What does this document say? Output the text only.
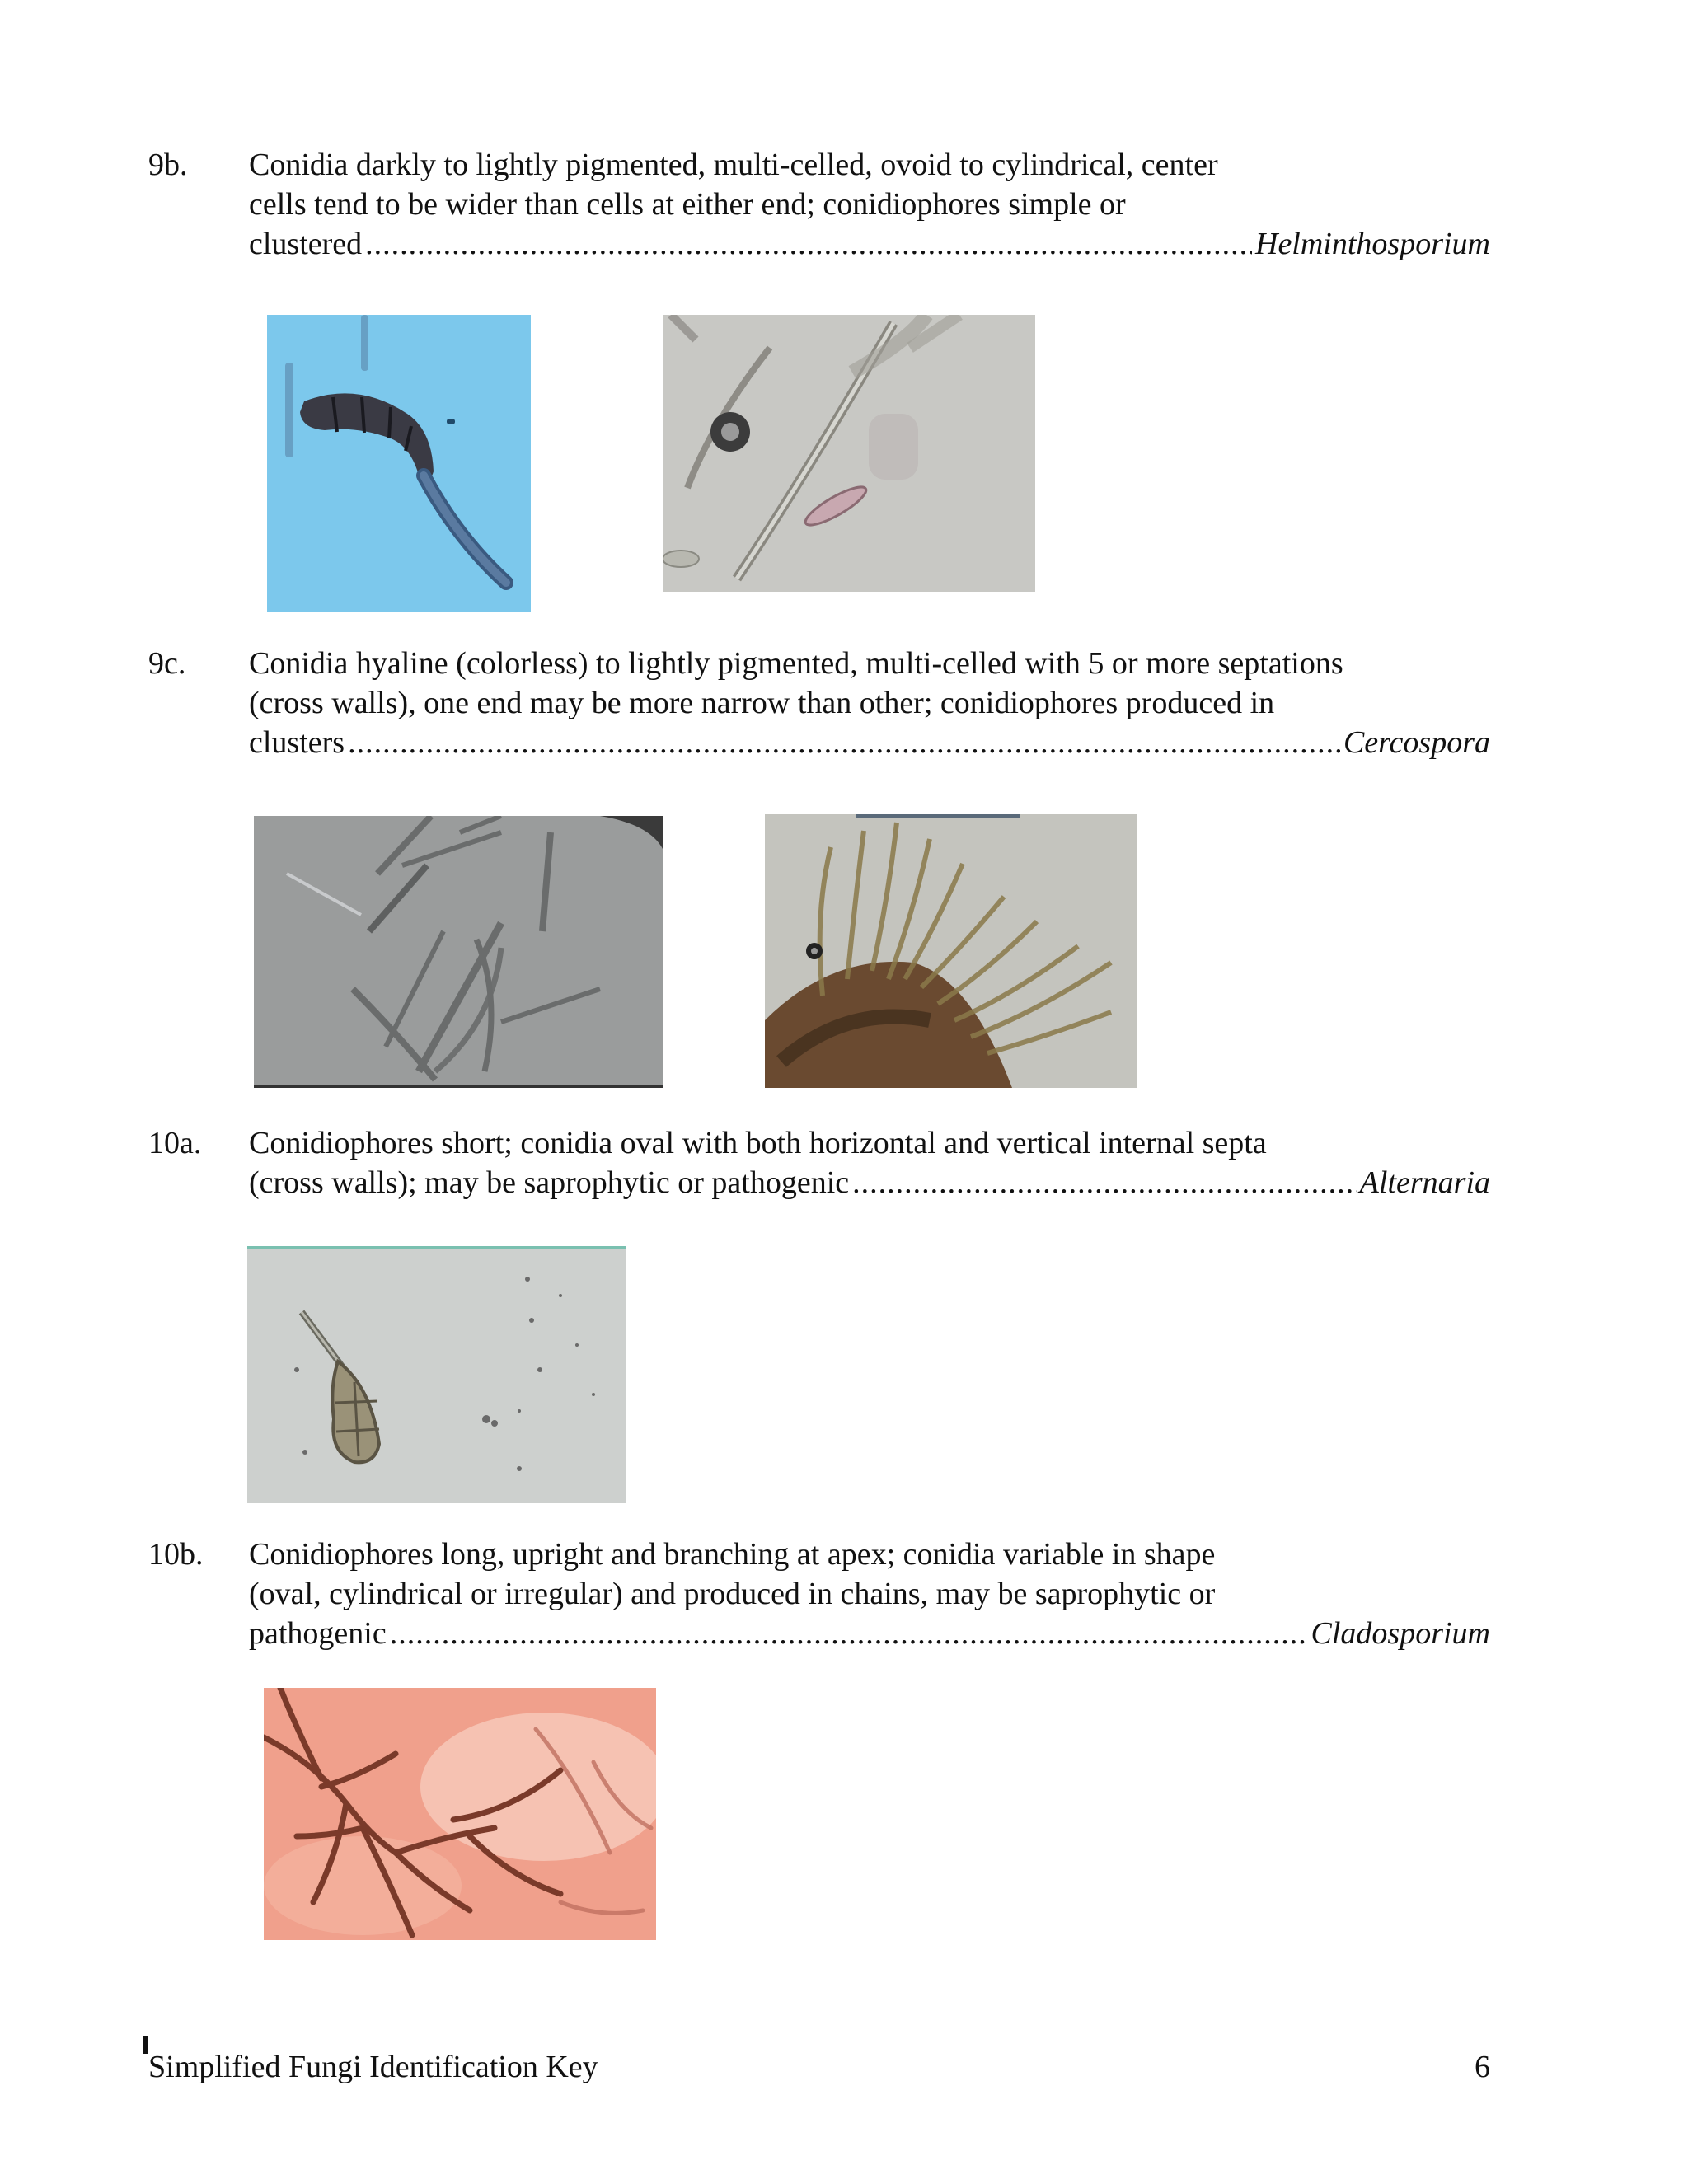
9b.	Conidia darkly to lightly pigmented, multi-celled, ovoid to cylindrical, center
cells tend to be wider than cells at either end; conidiophores simple or
clustered .....	Helminthosporium
9c.	Conidia hyaline (colorless) to lightly pigmented, multi-celled with 5 or more septations
(cross walls), one end may be more narrow than other; conidiophores produced in
clusters .....	Cercospora
10a.	Conidiophores short; conidia oval with both horizontal and vertical internal septa
(cross walls); may be saprophytic or pathogenic .....	Alternaria
10b.	Conidiophores long, upright and branching at apex; conidia variable in shape
(oval, cylindrical or irregular) and produced in chains, may be saprophytic or
pathogenic .....	Cladosporium
Simplified Fungi Identification Key	6
